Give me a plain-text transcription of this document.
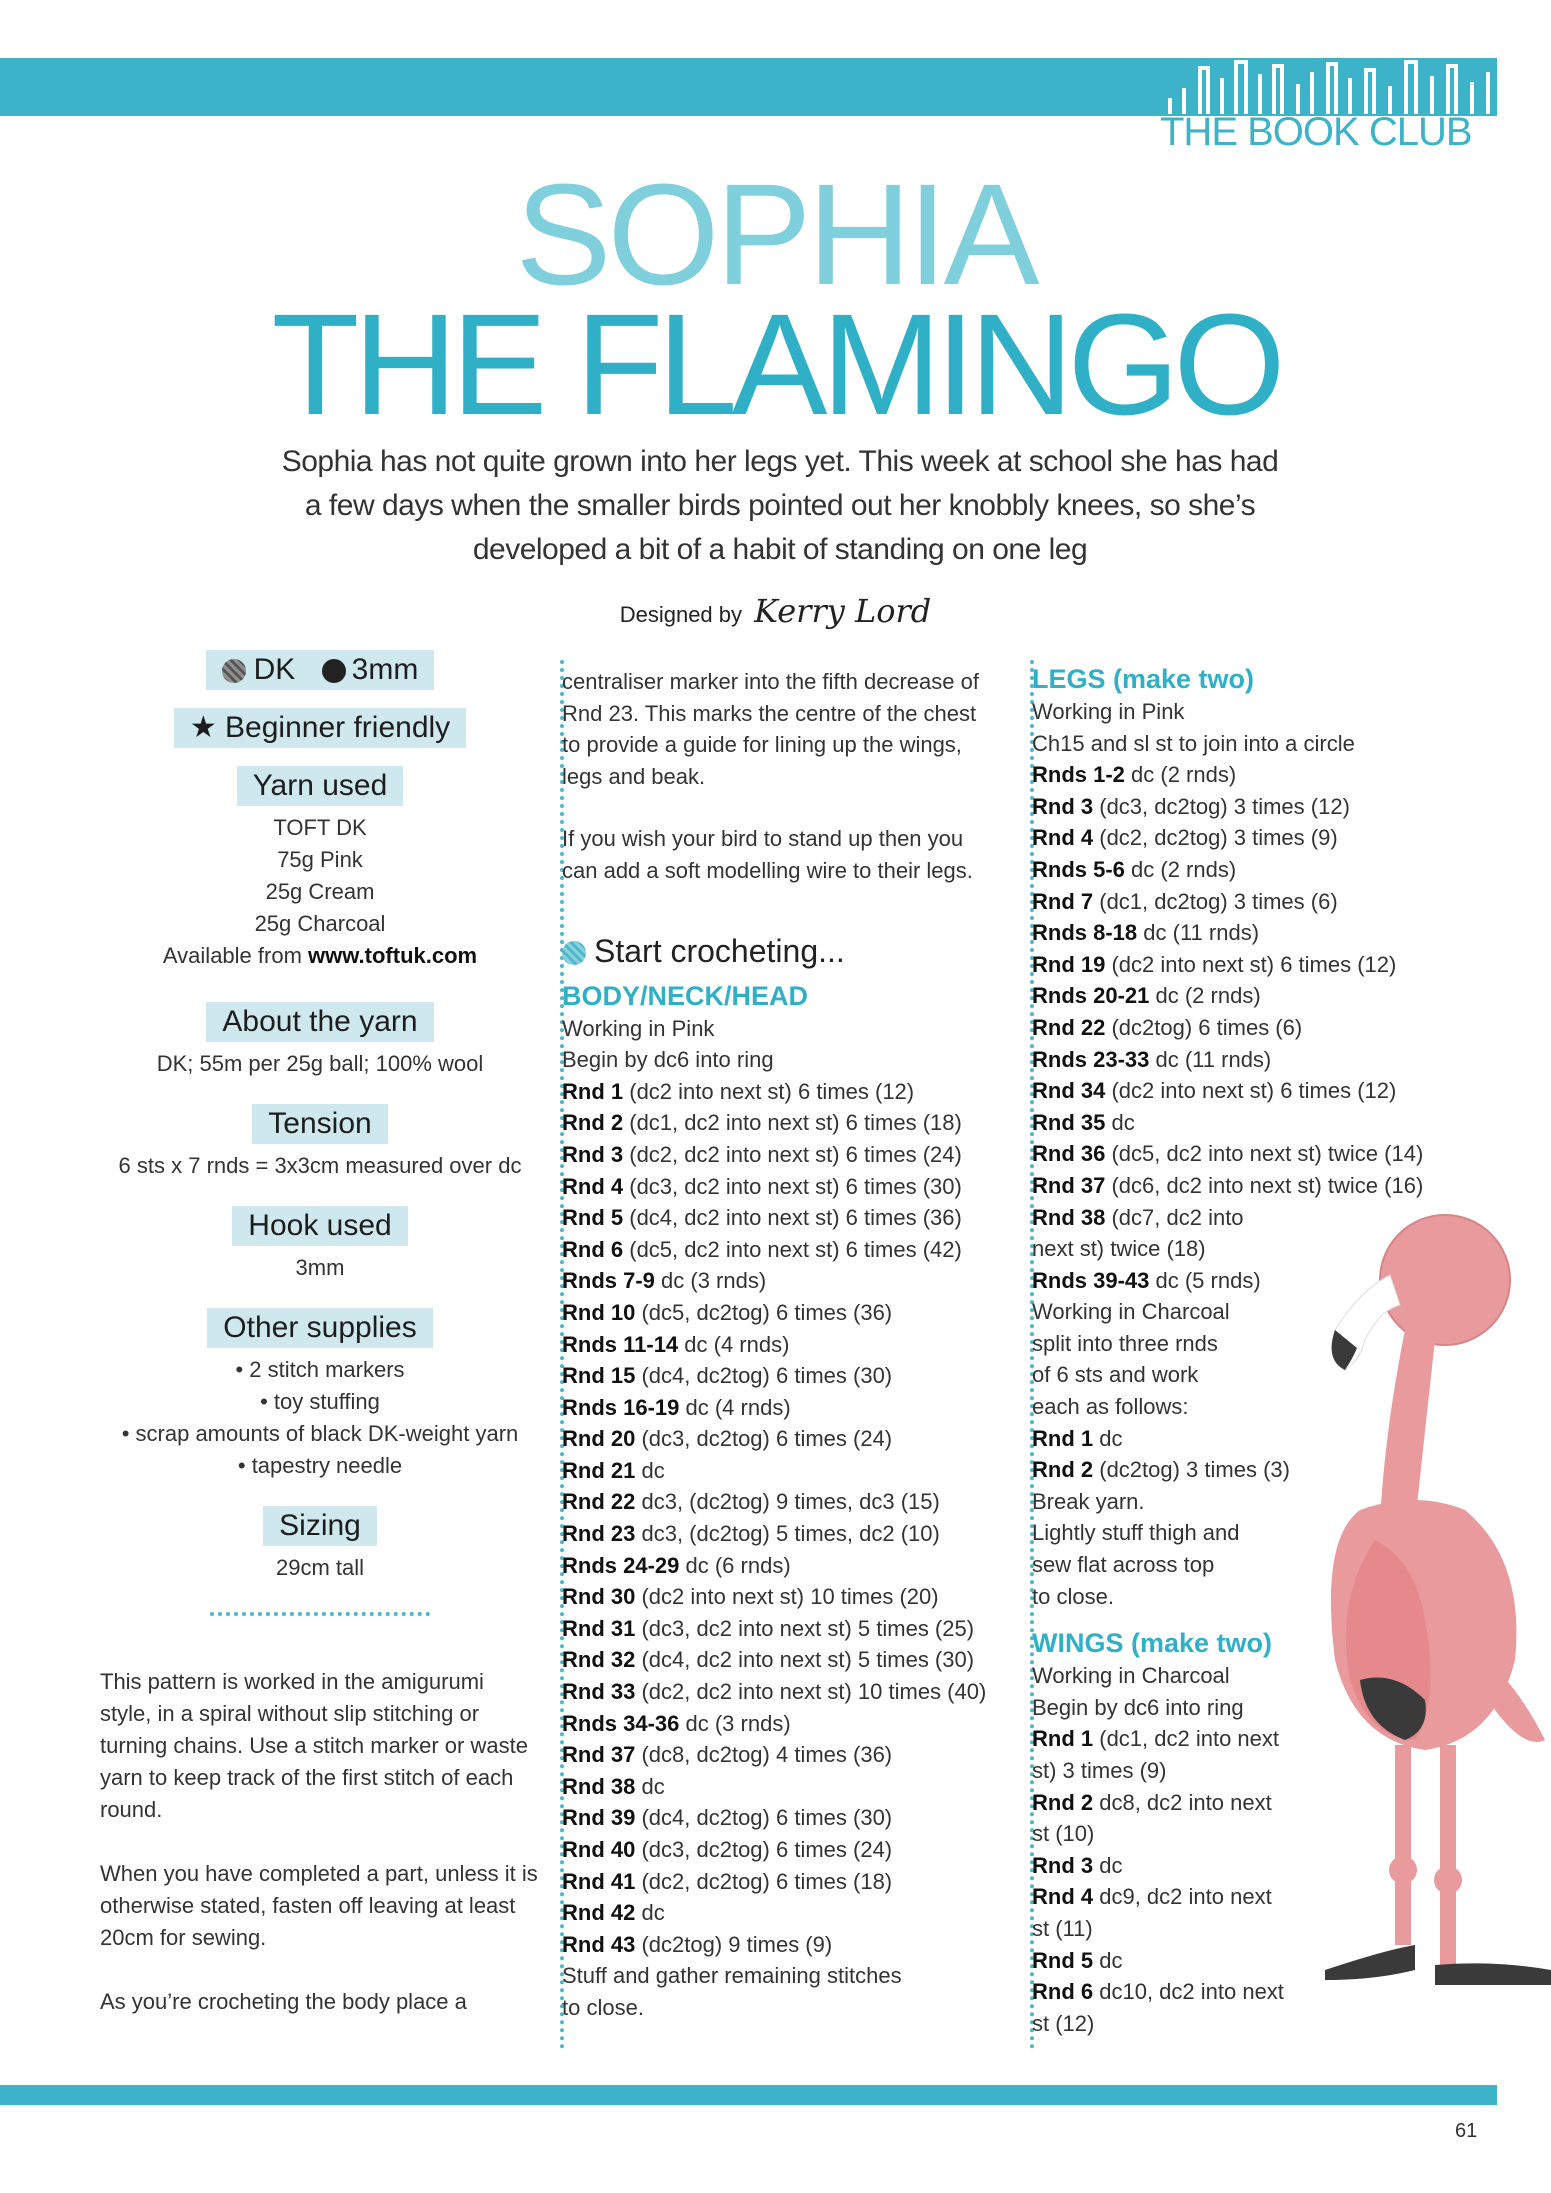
THE BOOK CLUB
SOPHIA
THE FLAMINGO
Sophia has not quite grown into her legs yet. This week at school she has had a few days when the smaller birds pointed out her knobbly knees, so she’s developed a bit of a habit of standing on one leg
Designed by Kerry Lord
DK 3mm
★ Beginner friendly
Yarn used
TOFT DK
75g Pink
25g Cream
25g Charcoal
Available from www.toftuk.com
About the yarn
DK; 55m per 25g ball; 100% wool
Tension
6 sts x 7 rnds = 3x3cm measured over dc
Hook used
3mm
Other supplies
• 2 stitch markers
• toy stuffing
• scrap amounts of black DK-weight yarn
• tapestry needle
Sizing
29cm tall

This pattern is worked in the amigurumi style, in a spiral without slip stitching or turning chains. Use a stitch marker or waste yarn to keep track of the first stitch of each round.

When you have completed a part, unless it is otherwise stated, fasten off leaving at least 20cm for sewing.

As you’re crocheting the body place a

centraliser marker into the fifth decrease of
Rnd 23. This marks the centre of the chest
to provide a guide for lining up the wings,
legs and beak.
If you wish your bird to stand up then you
can add a soft modelling wire to their legs.
Start crocheting...
BODY/NECK/HEAD
Working in Pink
Begin by dc6 into ring
Rnd 1 (dc2 into next st) 6 times (12)
Rnd 2 (dc1, dc2 into next st) 6 times (18)
Rnd 3 (dc2, dc2 into next st) 6 times (24)
Rnd 4 (dc3, dc2 into next st) 6 times (30)
Rnd 5 (dc4, dc2 into next st) 6 times (36)
Rnd 6 (dc5, dc2 into next st) 6 times (42)
Rnds 7-9 dc (3 rnds)
Rnd 10 (dc5, dc2tog) 6 times (36)
Rnds 11-14 dc (4 rnds)
Rnd 15 (dc4, dc2tog) 6 times (30)
Rnds 16-19 dc (4 rnds)
Rnd 20 (dc3, dc2tog) 6 times (24)
Rnd 21 dc
Rnd 22 dc3, (dc2tog) 9 times, dc3 (15)
Rnd 23 dc3, (dc2tog) 5 times, dc2 (10)
Rnds 24-29 dc (6 rnds)
Rnd 30 (dc2 into next st) 10 times (20)
Rnd 31 (dc3, dc2 into next st) 5 times (25)
Rnd 32 (dc4, dc2 into next st) 5 times (30)
Rnd 33 (dc2, dc2 into next st) 10 times (40)
Rnds 34-36 dc (3 rnds)
Rnd 37 (dc8, dc2tog) 4 times (36)
Rnd 38 dc
Rnd 39 (dc4, dc2tog) 6 times (30)
Rnd 40 (dc3, dc2tog) 6 times (24)
Rnd 41 (dc2, dc2tog) 6 times (18)
Rnd 42 dc
Rnd 43 (dc2tog) 9 times (9)
Stuff and gather remaining stitches
to close.
LEGS (make two)
Working in Pink
Ch15 and sl st to join into a circle
Rnds 1-2 dc (2 rnds)
Rnd 3 (dc3, dc2tog) 3 times (12)
Rnd 4 (dc2, dc2tog) 3 times (9)
Rnds 5-6 dc (2 rnds)
Rnd 7 (dc1, dc2tog) 3 times (6)
Rnds 8-18 dc (11 rnds)
Rnd 19 (dc2 into next st) 6 times (12)
Rnds 20-21 dc (2 rnds)
Rnd 22 (dc2tog) 6 times (6)
Rnds 23-33 dc (11 rnds)
Rnd 34 (dc2 into next st) 6 times (12)
Rnd 35 dc
Rnd 36 (dc5, dc2 into next st) twice (14)
Rnd 37 (dc6, dc2 into next st) twice (16)
Rnd 38 (dc7, dc2 into
next st) twice (18)
Rnds 39-43 dc (5 rnds)
Working in Charcoal
split into three rnds
of 6 sts and work
each as follows:
Rnd 1 dc
Rnd 2 (dc2tog) 3 times (3)
Break yarn.
Lightly stuff thigh and
sew flat across top
to close.
WINGS (make two)
Working in Charcoal
Begin by dc6 into ring
Rnd 1 (dc1, dc2 into next
st) 3 times (9)
Rnd 2 dc8, dc2 into next
st (10)
Rnd 3 dc
Rnd 4 dc9, dc2 into next
st (11)
Rnd 5 dc
Rnd 6 dc10, dc2 into next
st (12)
61
